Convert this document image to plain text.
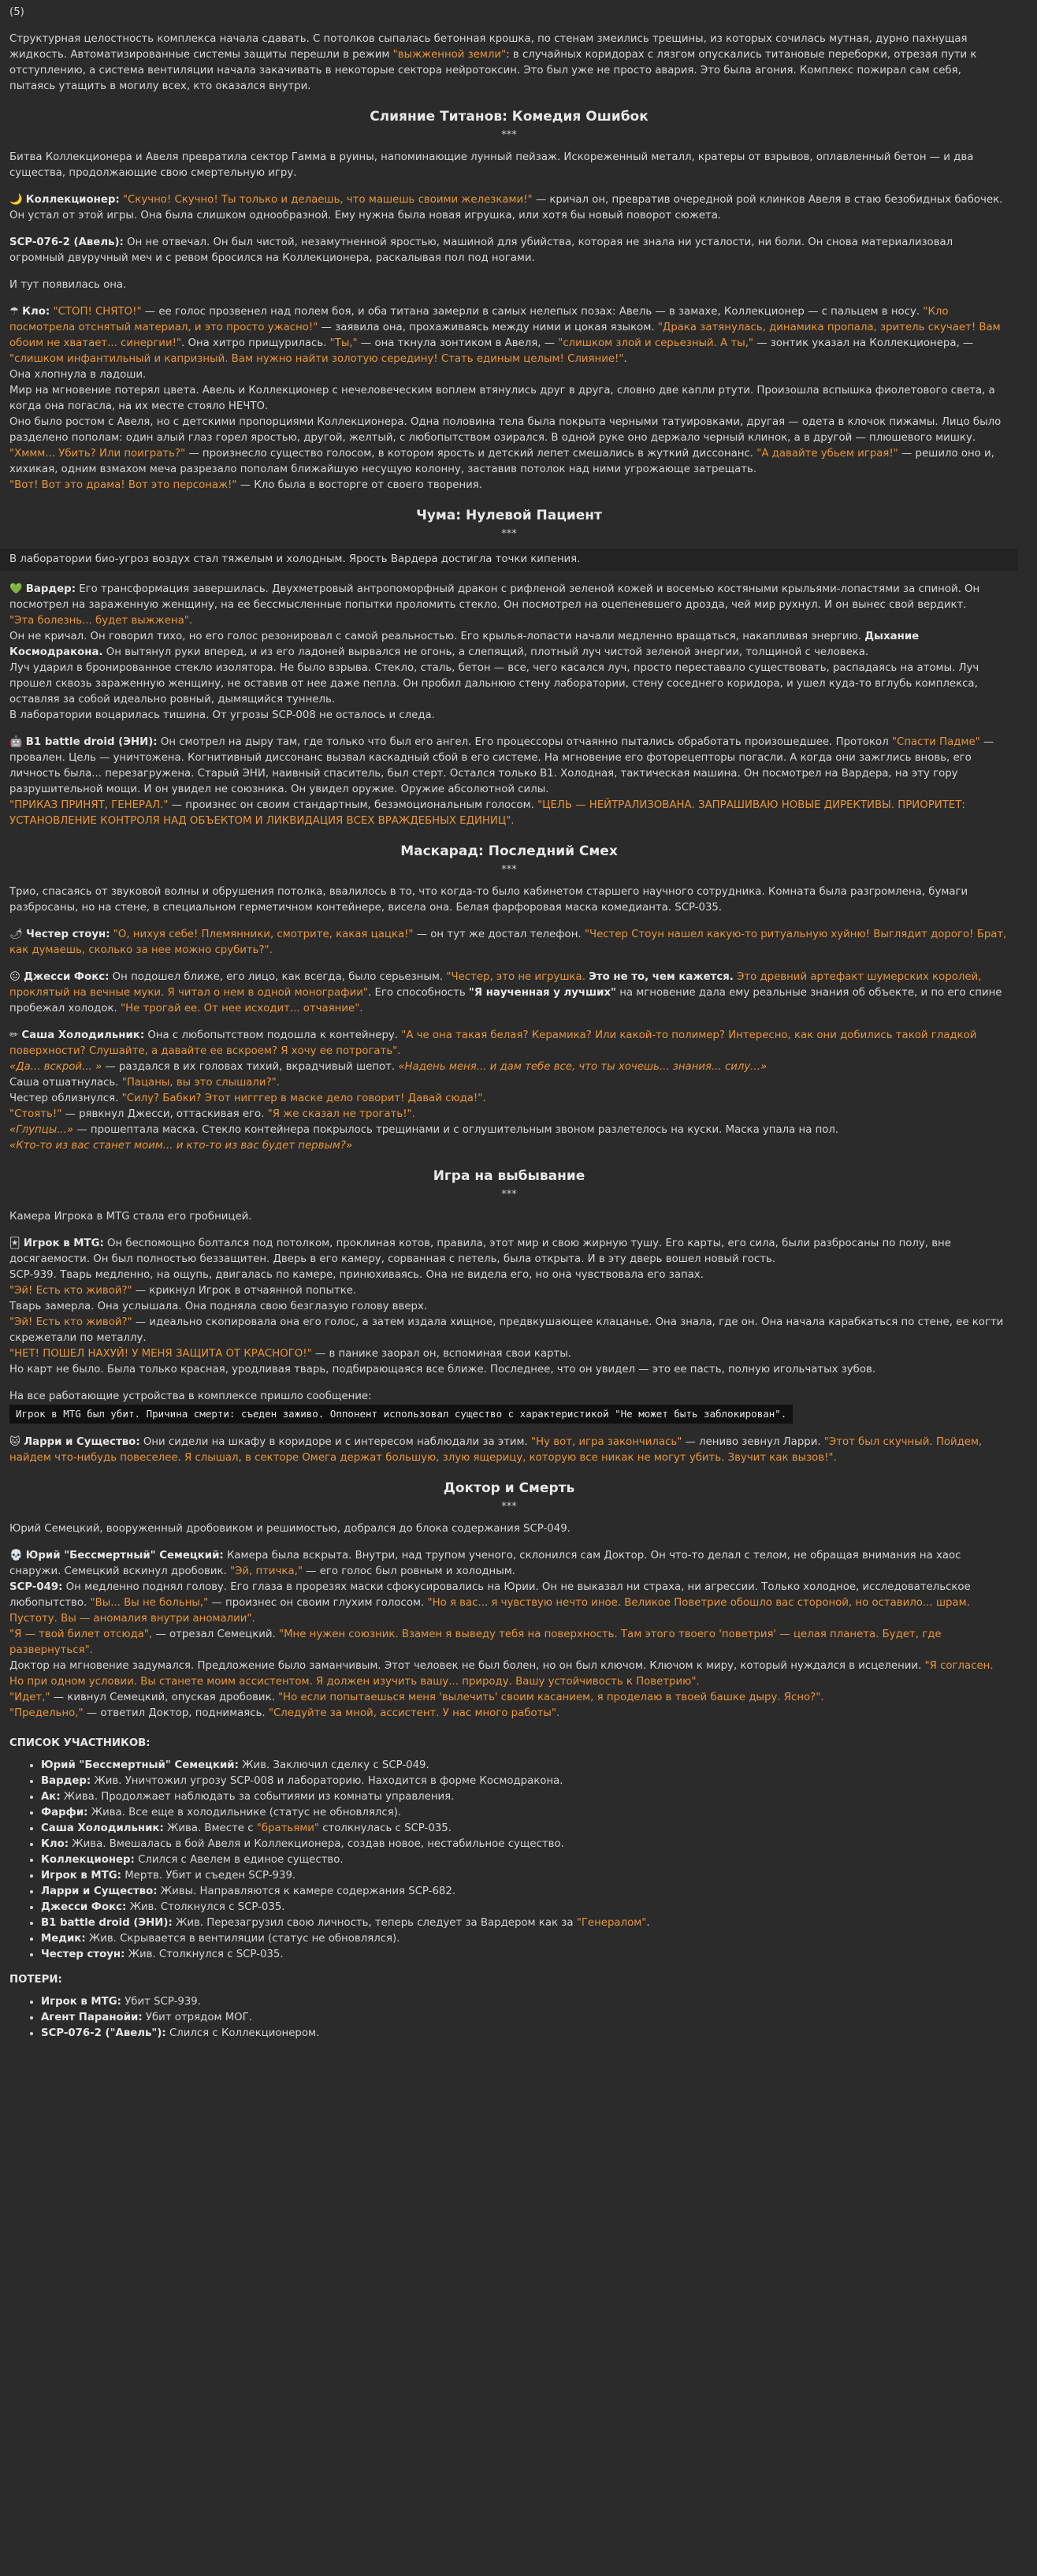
(5)
Структурная целостность комплекса начала сдавать. С потолков сыпалась бетонная крошка, по стенам змеились трещины, из которых сочилась мутная, дурно пахнущая жидкость. Автоматизированные системы защиты перешли в режим "выжженной земли": в случайных коридорах с лязгом опускались титановые переборки, отрезая пути к отступлению, а система вентиляции начала закачивать в некоторые сектора нейротоксин. Это был уже не просто авария. Это была агония. Комплекс пожирал сам себя, пытаясь утащить в могилу всех, кто оказался внутри.
Слияние Титанов: Комедия Ошибок
***
Битва Коллекционера и Авеля превратила сектор Гамма в руины, напоминающие лунный пейзаж. Искореженный металл, кратеры от взрывов, оплавленный бетон — и два существа, продолжающие свою смертельную игру.
🌙 Коллекционер: "Скучно! Скучно! Ты только и делаешь, что машешь своими железками!" — кричал он, превратив очередной рой клинков Авеля в стаю безобидных бабочек. Он устал от этой игры. Она была слишком однообразной. Ему нужна была новая игрушка, или хотя бы новый поворот сюжета.
SCP-076-2 (Авель): Он не отвечал. Он был чистой, незамутненной яростью, машиной для убийства, которая не знала ни усталости, ни боли. Он снова материализовал огромный двуручный меч и с ревом бросился на Коллекционера, раскалывая пол под ногами.
И тут появилась она.
☂ Кло: "СТОП! СНЯТО!" — ее голос прозвенел над полем боя, и оба титана замерли в самых нелепых позах: Авель — в замахе, Коллекционер — с пальцем в носу. "Кло посмотрела отснятый материал, и это просто ужасно!" — заявила она, прохаживаясь между ними и цокая языком. "Драка затянулась, динамика пропала, зритель скучает! Вам обоим не хватает... синергии!". Она хитро прищурилась. "Ты," — она ткнула зонтиком в Авеля, — "слишком злой и серьезный. А ты," — зонтик указал на Коллекционера, — "слишком инфантильный и капризный. Вам нужно найти золотую середину! Стать единым целым! Слияние!".
Она хлопнула в ладоши.
Мир на мгновение потерял цвета. Авель и Коллекционер с нечеловеческим воплем втянулись друг в друга, словно две капли ртути. Произошла вспышка фиолетового света, а когда она погасла, на их месте стояло НЕЧТО.
Оно было ростом с Авеля, но с детскими пропорциями Коллекционера. Одна половина тела была покрыта черными татуировками, другая — одета в клочок пижамы. Лицо было разделено пополам: один алый глаз горел яростью, другой, желтый, с любопытством озирался. В одной руке оно держало черный клинок, а в другой — плюшевого мишку.
"Хммм... Убить? Или поиграть?" — произнесло существо голосом, в котором ярость и детский лепет смешались в жуткий диссонанс. "А давайте убьем играя!" — решило оно и, хихикая, одним взмахом меча разрезало пополам ближайшую несущую колонну, заставив потолок над ними угрожающе затрещать.
"Вот! Вот это драма! Вот это персонаж!" — Кло была в восторге от своего творения.
Чума: Нулевой Пациент
***
В лаборатории био-угроз воздух стал тяжелым и холодным. Ярость Вардера достигла точки кипения.
💚 Вардер: Его трансформация завершилась. Двухметровый антропоморфный дракон с рифленой зеленой кожей и восемью костяными крыльями-лопастями за спиной. Он посмотрел на зараженную женщину, на ее бессмысленные попытки проломить стекло. Он посмотрел на оцепеневшего дрозда, чей мир рухнул. И он вынес свой вердикт.
"Эта болезнь... будет выжжена".
Он не кричал. Он говорил тихо, но его голос резонировал с самой реальностью. Его крылья-лопасти начали медленно вращаться, накапливая энергию. Дыхание Космодракона. Он вытянул руки вперед, и из его ладоней вырвался не огонь, а слепящий, плотный луч чистой зеленой энергии, толщиной с человека.
Луч ударил в бронированное стекло изолятора. Не было взрыва. Стекло, сталь, бетон — все, чего касался луч, просто переставало существовать, распадаясь на атомы. Луч прошел сквозь зараженную женщину, не оставив от нее даже пепла. Он пробил дальнюю стену лаборатории, стену соседнего коридора, и ушел куда-то вглубь комплекса, оставляя за собой идеально ровный, дымящийся туннель.
В лаборатории воцарилась тишина. От угрозы SCP-008 не осталось и следа.
🤖 B1 battle droid (ЭНИ): Он смотрел на дыру там, где только что был его ангел. Его процессоры отчаянно пытались обработать произошедшее. Протокол "Спасти Падме" — провален. Цель — уничтожена. Когнитивный диссонанс вызвал каскадный сбой в его системе. На мгновение его фоторецепторы погасли. А когда они зажглись вновь, его личность была... перезагружена. Старый ЭНИ, наивный спаситель, был стерт. Остался только B1. Холодная, тактическая машина. Он посмотрел на Вардера, на эту гору разрушительной мощи. И он увидел не союзника. Он увидел оружие. Оружие абсолютной силы.
"ПРИКАЗ ПРИНЯТ, ГЕНЕРАЛ." — произнес он своим стандартным, безэмоциональным голосом. "ЦЕЛЬ — НЕЙТРАЛИЗОВАНА. ЗАПРАШИВАЮ НОВЫЕ ДИРЕКТИВЫ. ПРИОРИТЕТ: УСТАНОВЛЕНИЕ КОНТРОЛЯ НАД ОБЪЕКТОМ И ЛИКВИДАЦИЯ ВСЕХ ВРАЖДЕБНЫХ ЕДИНИЦ".
Маскарад: Последний Смех
***
Трио, спасаясь от звуковой волны и обрушения потолка, ввалилось в то, что когда-то было кабинетом старшего научного сотрудника. Комната была разгромлена, бумаги разбросаны, но на стене, в специальном герметичном контейнере, висела она. Белая фарфоровая маска комедианта. SCP-035.
🌶 Честер стоун: "О, нихуя себе! Племянники, смотрите, какая цацка!" — он тут же достал телефон. "Честер Стоун нашел какую-то ритуальную хуйню! Выглядит дорого! Брат, как думаешь, сколько за нее можно срубить?".
😐 Джесси Фокс: Он подошел ближе, его лицо, как всегда, было серьезным. "Честер, это не игрушка. Это не то, чем кажется. Это древний артефакт шумерских королей, проклятый на вечные муки. Я читал о нем в одной монографии". Его способность "Я наученная у лучших" на мгновение дала ему реальные знания об объекте, и по его спине пробежал холодок. "Не трогай ее. От нее исходит... отчаяние".
✏ Саша Холодильник: Она с любопытством подошла к контейнеру. "А че она такая белая? Керамика? Или какой-то полимер? Интересно, как они добились такой гладкой поверхности? Слушайте, а давайте ее вскроем? Я хочу ее потрогать".
«Да... вскрой... » — раздался в их головах тихий, вкрадчивый шепот. «Надень меня... и дам тебе все, что ты хочешь... знания... силу...»
Саша отшатнулась. "Пацаны, вы это слышали?".
Честер облизнулся. "Силу? Бабки? Этот нигггер в маске дело говорит! Давай сюда!".
"Стоять!" — рявкнул Джесси, оттаскивая его. "Я же сказал не трогать!".
«Глупцы...» — прошептала маска. Стекло контейнера покрылось трещинами и с оглушительным звоном разлетелось на куски. Маска упала на пол.
«Кто-то из вас станет моим... и кто-то из вас будет первым?»
Игра на выбывание
***
Камера Игрока в MTG стала его гробницей.
🃏 Игрок в MTG: Он беспомощно болтался под потолком, проклиная котов, правила, этот мир и свою жирную тушу. Его карты, его сила, были разбросаны по полу, вне досягаемости. Он был полностью беззащитен. Дверь в его камеру, сорванная с петель, была открыта. И в эту дверь вошел новый гость.
SCP-939. Тварь медленно, на ощупь, двигалась по камере, принюхиваясь. Она не видела его, но она чувствовала его запах.
"Эй! Есть кто живой?" — крикнул Игрок в отчаянной попытке.
Тварь замерла. Она услышала. Она подняла свою безглазую голову вверх.
"Эй! Есть кто живой?" — идеально скопировала она его голос, а затем издала хищное, предвкушающее клацанье. Она знала, где он. Она начала карабкаться по стене, ее когти скрежетали по металлу.
"НЕТ! ПОШЕЛ НАХУЙ! У МЕНЯ ЗАЩИТА ОТ КРАСНОГО!" — в панике заорал он, вспоминая свои карты.
Но карт не было. Была только красная, уродливая тварь, подбирающаяся все ближе. Последнее, что он увидел — это ее пасть, полную игольчатых зубов.
На все работающие устройства в комплексе пришло сообщение:
Игрок в MTG был убит. Причина смерти: съеден заживо. Оппонент использовал существо с характеристикой "Не может быть заблокирован".
🐱 Ларри и Существо: Они сидели на шкафу в коридоре и с интересом наблюдали за этим. "Ну вот, игра закончилась" — лениво зевнул Ларри. "Этот был скучный. Пойдем, найдем что-нибудь повеселее. Я слышал, в секторе Омега держат большую, злую ящерицу, которую все никак не могут убить. Звучит как вызов!".
Доктор и Смерть
***
Юрий Семецкий, вооруженный дробовиком и решимостью, добрался до блока содержания SCP-049.
💀 Юрий "Бессмертный" Семецкий: Камера была вскрыта. Внутри, над трупом ученого, склонился сам Доктор. Он что-то делал с телом, не обращая внимания на хаос снаружи. Семецкий вскинул дробовик. "Эй, птичка," — его голос был ровным и холодным.
SCP-049: Он медленно поднял голову. Его глаза в прорезях маски сфокусировались на Юрии. Он не выказал ни страха, ни агрессии. Только холодное, исследовательское любопытство. "Вы... Вы не больны," — произнес он своим глухим голосом. "Но я вас... я чувствую нечто иное. Великое Поветрие обошло вас стороной, но оставило... шрам. Пустоту. Вы — аномалия внутри аномалии".
"Я — твой билет отсюда", — отрезал Семецкий. "Мне нужен союзник. Взамен я выведу тебя на поверхность. Там этого твоего 'поветрия' — целая планета. Будет, где развернуться".
Доктор на мгновение задумался. Предложение было заманчивым. Этот человек не был болен, но он был ключом. Ключом к миру, который нуждался в исцелении. "Я согласен. Но при одном условии. Вы станете моим ассистентом. Я должен изучить вашу... природу. Вашу устойчивость к Поветрию".
"Идет," — кивнул Семецкий, опуская дробовик. "Но если попытаешься меня 'вылечить' своим касанием, я проделаю в твоей башке дыру. Ясно?".
"Предельно," — ответил Доктор, поднимаясь. "Следуйте за мной, ассистент. У нас много работы".
СПИСОК УЧАСТНИКОВ:
• Юрий "Бессмертный" Семецкий: Жив. Заключил сделку с SCP-049.
• Вардер: Жив. Уничтожил угрозу SCP-008 и лабораторию. Находится в форме Космодракона.
• Ак: Жива. Продолжает наблюдать за событиями из комнаты управления.
• Фарфи: Жива. Все еще в холодильнике (статус не обновлялся).
• Саша Холодильник: Жива. Вместе с "братьями" столкнулась с SCP-035.
• Кло: Жива. Вмешалась в бой Авеля и Коллекционера, создав новое, нестабильное существо.
• Коллекционер: Слился с Авелем в единое существо.
• Игрок в MTG: Мертв. Убит и съеден SCP-939.
• Ларри и Существо: Живы. Направляются к камере содержания SCP-682.
• Джесси Фокс: Жив. Столкнулся с SCP-035.
• B1 battle droid (ЭНИ): Жив. Перезагрузил свою личность, теперь следует за Вардером как за "Генералом".
• Медик: Жив. Скрывается в вентиляции (статус не обновлялся).
• Честер стоун: Жив. Столкнулся с SCP-035.
ПОТЕРИ:
• Игрок в MTG: Убит SCP-939.
• Агент Паранойи: Убит отрядом МОГ.
• SCP-076-2 ("Авель"): Слился с Коллекционером.
